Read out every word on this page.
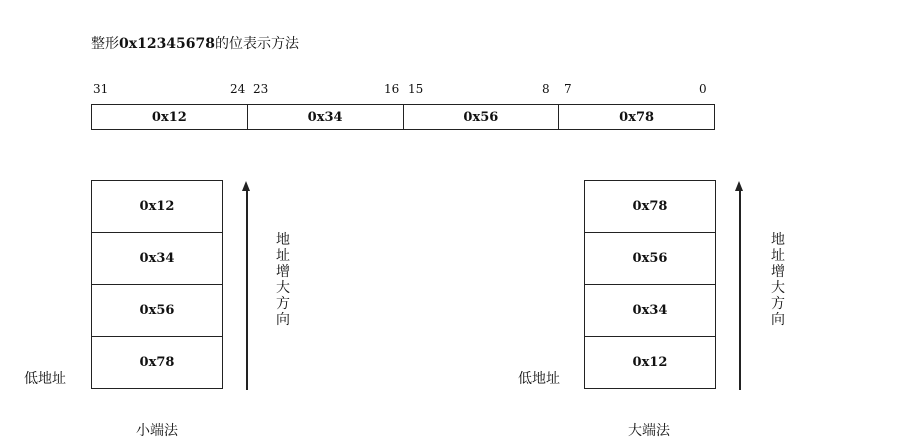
整形0x12345678的位表示方法
31	24 23	16 15	8 7	0
0x12	0x34	0x56	0x78
0x12
0x34
0x56
0x78
低地址
地址增大方向
小端法
0x78
0x56
0x34
0x12
低地址
地址增大方向
大端法
